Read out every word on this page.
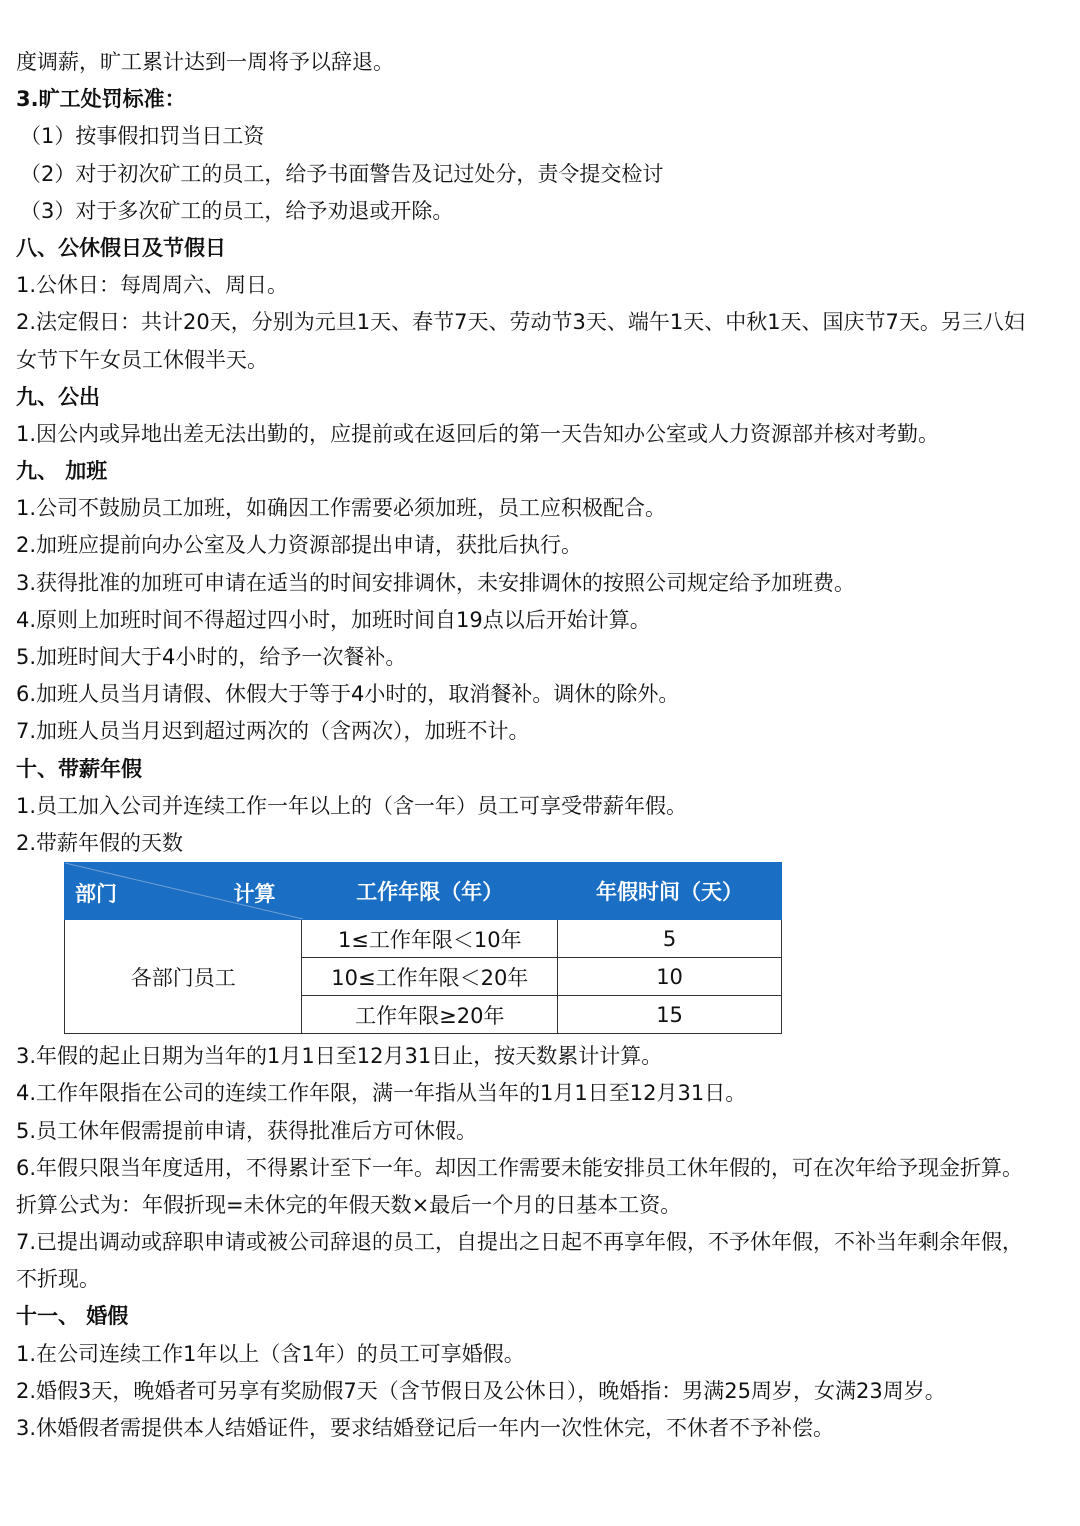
度调薪，旷工累计达到一周将予以辞退。
3.旷工处罚标准：
（1）按事假扣罚当日工资
（2）对于初次矿工的员工，给予书面警告及记过处分，责令提交检讨
（3）对于多次矿工的员工，给予劝退或开除。
八、公休假日及节假日
1.公休日：每周周六、周日。
2.法定假日：共计20天，分别为元旦1天、春节7天、劳动节3天、端午1天、中秋1天、国庆节7天。另三八妇
女节下午女员工休假半天。
九、公出
1.因公内或异地出差无法出勤的，应提前或在返回后的第一天告知办公室或人力资源部并核对考勤。
九、 加班
1.公司不鼓励员工加班，如确因工作需要必须加班，员工应积极配合。
2.加班应提前向办公室及人力资源部提出申请，获批后执行。
3.获得批准的加班可申请在适当的时间安排调休，未安排调休的按照公司规定给予加班费。
4.原则上加班时间不得超过四小时，加班时间自19点以后开始计算。
5.加班时间大于4小时的，给予一次餐补。
6.加班人员当月请假、休假大于等于4小时的，取消餐补。调休的除外。
7.加班人员当月迟到超过两次的（含两次），加班不计。
十、带薪年假
1.员工加入公司并连续工作一年以上的（含一年）员工可享受带薪年假。
2.带薪年假的天数
部门 计算	工作年限（年）	年假时间（天）
各部门员工	1≤工作年限＜10年	5
	10≤工作年限＜20年	10
	工作年限≥20年	15
3.年假的起止日期为当年的1月1日至12月31日止，按天数累计计算。
4.工作年限指在公司的连续工作年限，满一年指从当年的1月1日至12月31日。
5.员工休年假需提前申请，获得批准后方可休假。
6.年假只限当年度适用，不得累计至下一年。却因工作需要未能安排员工休年假的，可在次年给予现金折算。
折算公式为：年假折现=未休完的年假天数×最后一个月的日基本工资。
7.已提出调动或辞职申请或被公司辞退的员工，自提出之日起不再享年假，不予休年假，不补当年剩余年假，
不折现。
十一、 婚假
1.在公司连续工作1年以上（含1年）的员工可享婚假。
2.婚假3天，晚婚者可另享有奖励假7天（含节假日及公休日），晚婚指：男满25周岁，女满23周岁。
3.休婚假者需提供本人结婚证件，要求结婚登记后一年内一次性休完，不休者不予补偿。
